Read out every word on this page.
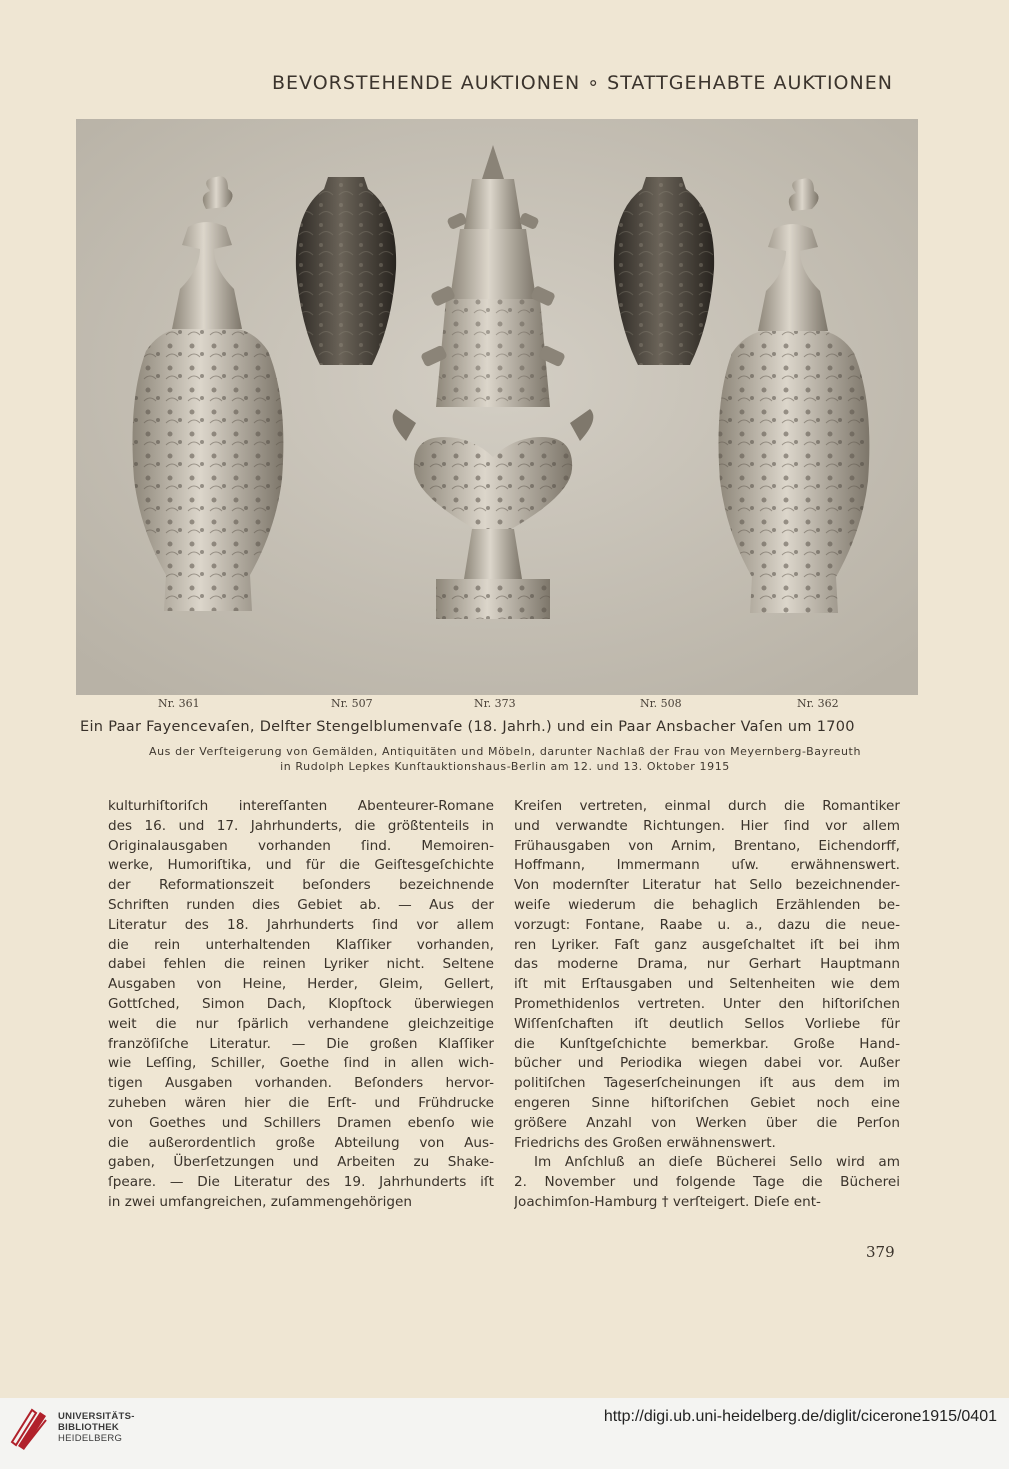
BEVORSTEHENDE AUKTIONEN ∘ STATTGEHABTE AUKTIONEN
Nr. 361	Nr. 507	Nr. 373	Nr. 508	Nr. 362
Ein Paar Fayencevaſen, Delfter Stengelblumenvaſe (18. Jahrh.) und ein Paar Ansbacher Vaſen um 1700
Aus der Verſteigerung von Gemälden, Antiquitäten und Möbeln, darunter Nachlaß der Frau von Meyernberg-Bayreuth
in Rudolph Lepkes Kunſtauktionshaus-Berlin am 12. und 13. Oktober 1915
kulturhiſtoriſch intereſſanten Abenteurer-Romane
des 16. und 17. Jahrhunderts, die größtenteils in
Originalausgaben vorhanden ſind. Memoiren-
werke, Humoriſtika, und für die Geiſtesgeſchichte
der Reformationszeit beſonders bezeichnende
Schriften runden dies Gebiet ab. — Aus der
Literatur des 18. Jahrhunderts ſind vor allem
die rein unterhaltenden Klaſſiker vorhanden,
dabei fehlen die reinen Lyriker nicht. Seltene
Ausgaben von Heine, Herder, Gleim, Gellert,
Gottſched, Simon Dach, Klopſtock überwiegen
weit die nur ſpärlich verhandene gleichzeitige
franzöſiſche Literatur. — Die großen Klaſſiker
wie Leſſing, Schiller, Goethe ſind in allen wich-
tigen Ausgaben vorhanden. Beſonders hervor-
zuheben wären hier die Erſt- und Frühdrucke
von Goethes und Schillers Dramen ebenſo wie
die außerordentlich große Abteilung von Aus-
gaben, Überſetzungen und Arbeiten zu Shake-
ſpeare. — Die Literatur des 19. Jahrhunderts iſt
in zwei umfangreichen, zuſammengehörigen
Kreiſen vertreten, einmal durch die Romantiker
und verwandte Richtungen. Hier ſind vor allem
Frühausgaben von Arnim, Brentano, Eichendorff,
Hoffmann, Immermann uſw. erwähnenswert.
Von modernſter Literatur hat Sello bezeichnender-
weiſe wiederum die behaglich Erzählenden be-
vorzugt: Fontane, Raabe u. a., dazu die neue-
ren Lyriker. Faſt ganz ausgeſchaltet iſt bei ihm
das moderne Drama, nur Gerhart Hauptmann
iſt mit Erſtausgaben und Seltenheiten wie dem
Promethidenlos vertreten. Unter den hiſtoriſchen
Wiſſenſchaften iſt deutlich Sellos Vorliebe für
die Kunſtgeſchichte bemerkbar. Große Hand-
bücher und Periodika wiegen dabei vor. Außer
politiſchen Tageserſcheinungen iſt aus dem im
engeren Sinne hiſtoriſchen Gebiet noch eine
größere Anzahl von Werken über die Perſon
Friedrichs des Großen erwähnenswert.
Im Anſchluß an dieſe Bücherei Sello wird am
2. November und folgende Tage die Bücherei
Joachimſon-Hamburg † verſteigert. Dieſe ent-
379
UNIVERSITÄTS-
BIBLIOTHEK
HEIDELBERG
http://digi.ub.uni-heidelberg.de/diglit/cicerone1915/0401
